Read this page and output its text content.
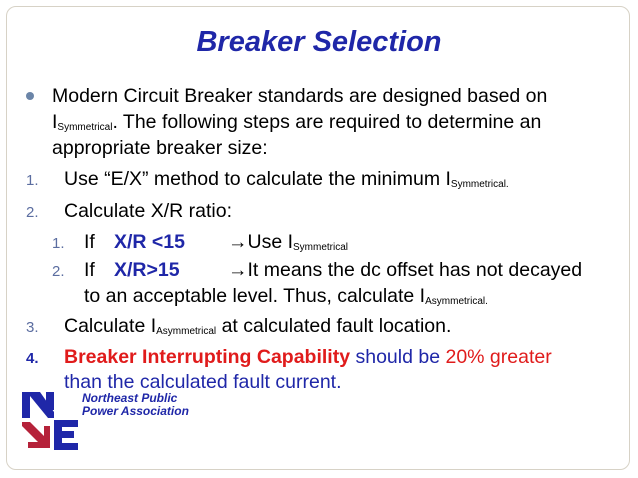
Breaker Selection
Modern Circuit Breaker standards are designed based on
$I_{Symmetrical}$. The following steps are required to determine an
appropriate breaker size:
1. Use “E/X” method to calculate the minimum $I_{Symmetrical.}$
2. Calculate X/R ratio:
1. If X/R <15 →Use $I_{Symmetrical}$
2. If X/R>15 →It means the dc offset has not decayed
to an acceptable level. Thus, calculate $I_{Asymmetrical.}$
3. Calculate $I_{Asymmetrical}$ at calculated fault location.
4. Breaker Interrupting Capability should be 20% greater
than the calculated fault current.
Northeast Public
Power Association
